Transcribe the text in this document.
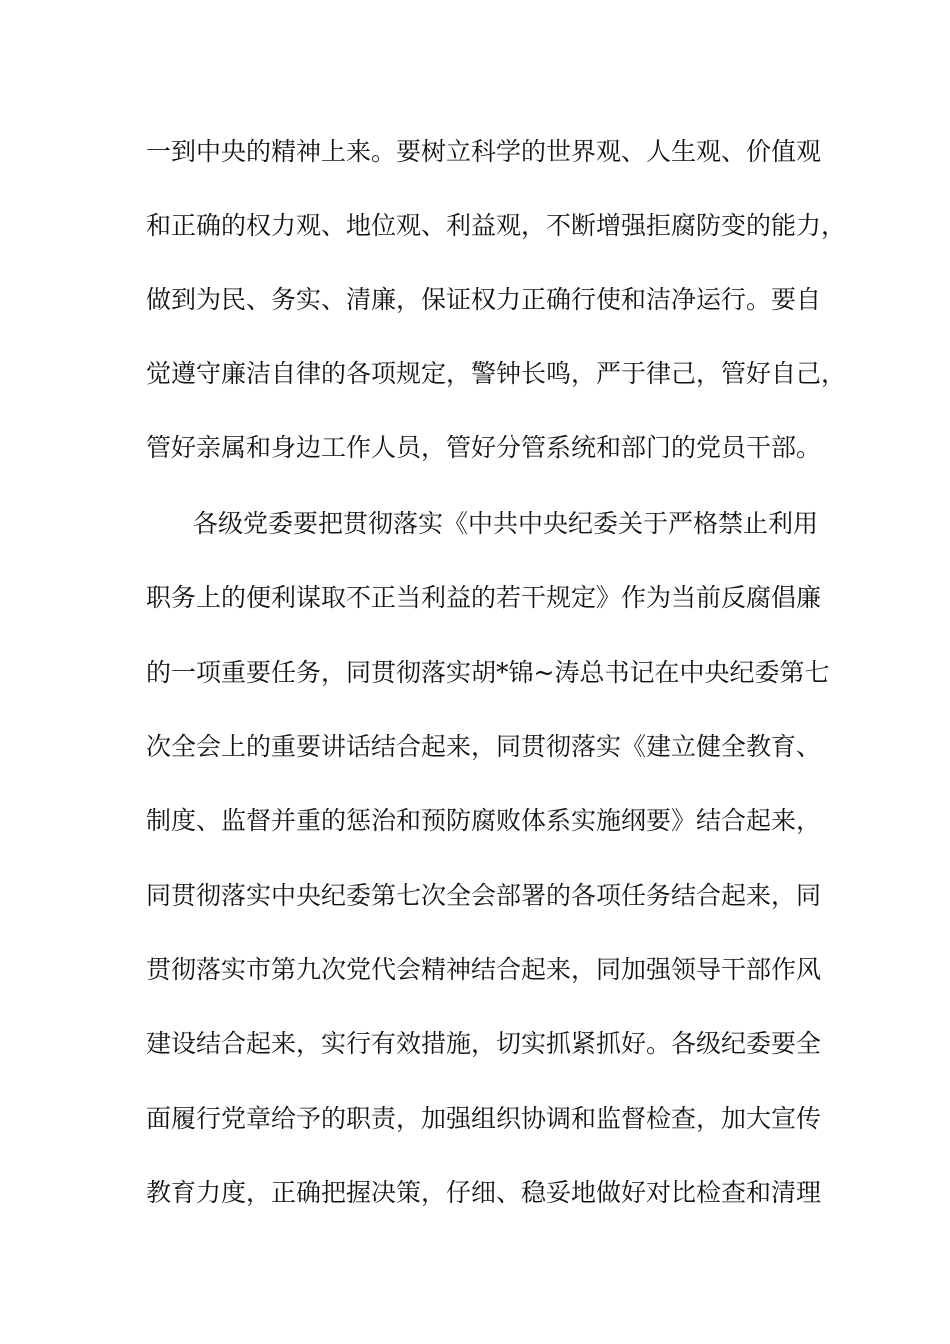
一到中央的精神上来。要树立科学的世界观、人生观、价值观
和正确的权力观、地位观、利益观，不断增强拒腐防变的能力，
做到为民、务实、清廉，保证权力正确行使和洁净运行。要自
觉遵守廉洁自律的各项规定，警钟长鸣，严于律己，管好自己，
管好亲属和身边工作人员，管好分管系统和部门的党员干部。
各级党委要把贯彻落实《中共中央纪委关于严格禁止利用
职务上的便利谋取不正当利益的若干规定》作为当前反腐倡廉
的一项重要任务，同贯彻落实胡*锦~涛总书记在中央纪委第七
次全会上的重要讲话结合起来，同贯彻落实《建立健全教育、
制度、监督并重的惩治和预防腐败体系实施纲要》结合起来，
同贯彻落实中央纪委第七次全会部署的各项任务结合起来，同
贯彻落实市第九次党代会精神结合起来，同加强领导干部作风
建设结合起来，实行有效措施，切实抓紧抓好。各级纪委要全
面履行党章给予的职责，加强组织协调和监督检查，加大宣传
教育力度，正确把握决策，仔细、稳妥地做好对比检查和清理
